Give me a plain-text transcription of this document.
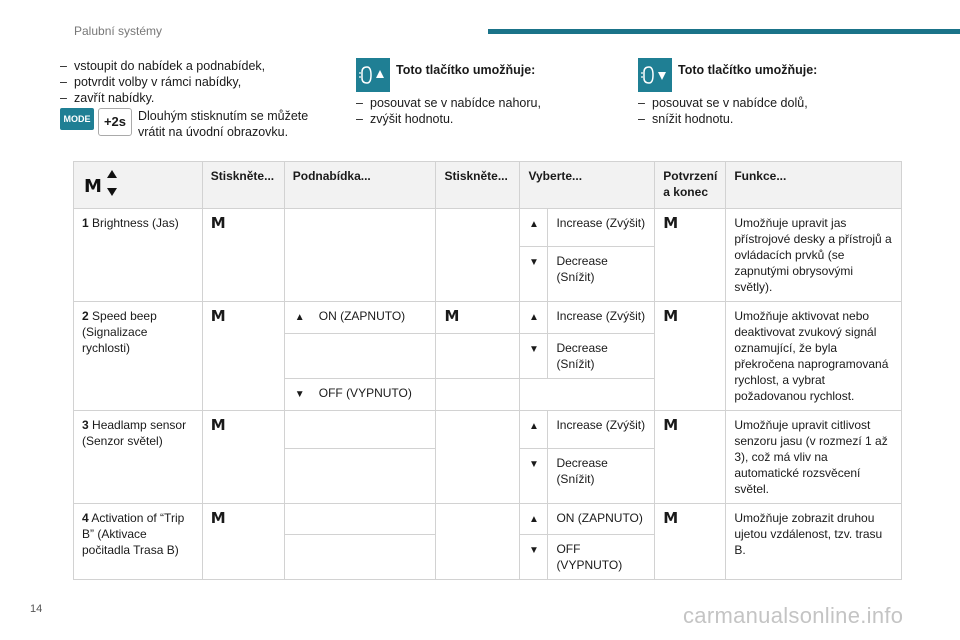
Palubní systémy
– vstoupit do nabídek a podnabídek,
– potvrdit volby v rámci nabídky,
– zavřít nabídky.
MODE	+2s Dlouhým stisknutím se můžete vrátit na úvodní obrazovku.
Toto tlačítko umožňuje:
– posouvat se v nabídce nahoru,
– zvýšit hodnotu.
Toto tlačítko umožňuje:
– posouvat se v nabídce dolů,
– snížit hodnotu.
M	Stiskněte...	Podnabídka...	Stiskněte...	Vyberte...		Potvrzení a konec	Funkce...
1 Brightness (Jas)	M			▲	Increase (Zvýšit)	M	Umožňuje upravit jas přístrojové desky a přístrojů a ovládacích prvků (se zapnutými obrysovými světly).
				▼	Decrease (Snížit)		
2 Speed beep (Signalizace rychlosti)	M	▲ ON (ZAPNUTO)	M	▲	Increase (Zvýšit)	M	Umožňuje aktivovat nebo deaktivovat zvukový signál oznamující, že byla překročena naprogramovaná rychlost, a vybrat požadovanou rychlost.
				▼	Decrease (Snížit)		

		▼ OFF (VYPNUTO)					

3 Headlamp sensor (Senzor světel)	M			▲	Increase (Zvýšit)	M	Umožňuje upravit citlivost senzoru jasu (v rozmezí 1 až 3), což má vliv na automatické rozsvěcení světel.
				▼	Decrease (Snížit)		
4 Activation of “Trip B” (Aktivace počitadla Trasa B)	M			▲	ON (ZAPNUTO)	M	Umožňuje zobrazit druhou ujetou vzdálenost, tzv. trasu B.
				▼	OFF (VYPNUTO)		
14	carmanualsonline.info
